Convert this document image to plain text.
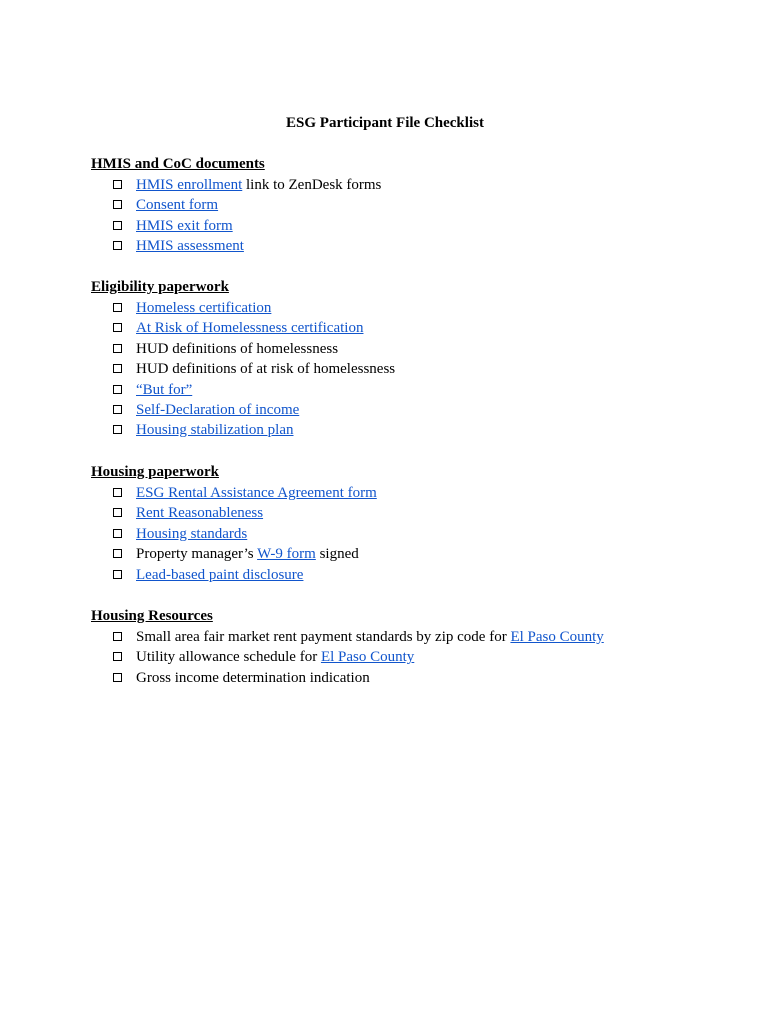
ESG Participant File Checklist
HMIS and CoC documents
HMIS enrollment link to ZenDesk forms
Consent form
HMIS exit form
HMIS assessment
Eligibility paperwork
Homeless certification
At Risk of Homelessness certification
HUD definitions of homelessness
HUD definitions of at risk of homelessness
“But for”
Self-Declaration of income
Housing stabilization plan
Housing paperwork
ESG Rental Assistance Agreement form
Rent Reasonableness
Housing standards
Property manager’s W-9 form signed
Lead-based paint disclosure
Housing Resources
Small area fair market rent payment standards by zip code for El Paso County
Utility allowance schedule for El Paso County
Gross income determination indication
